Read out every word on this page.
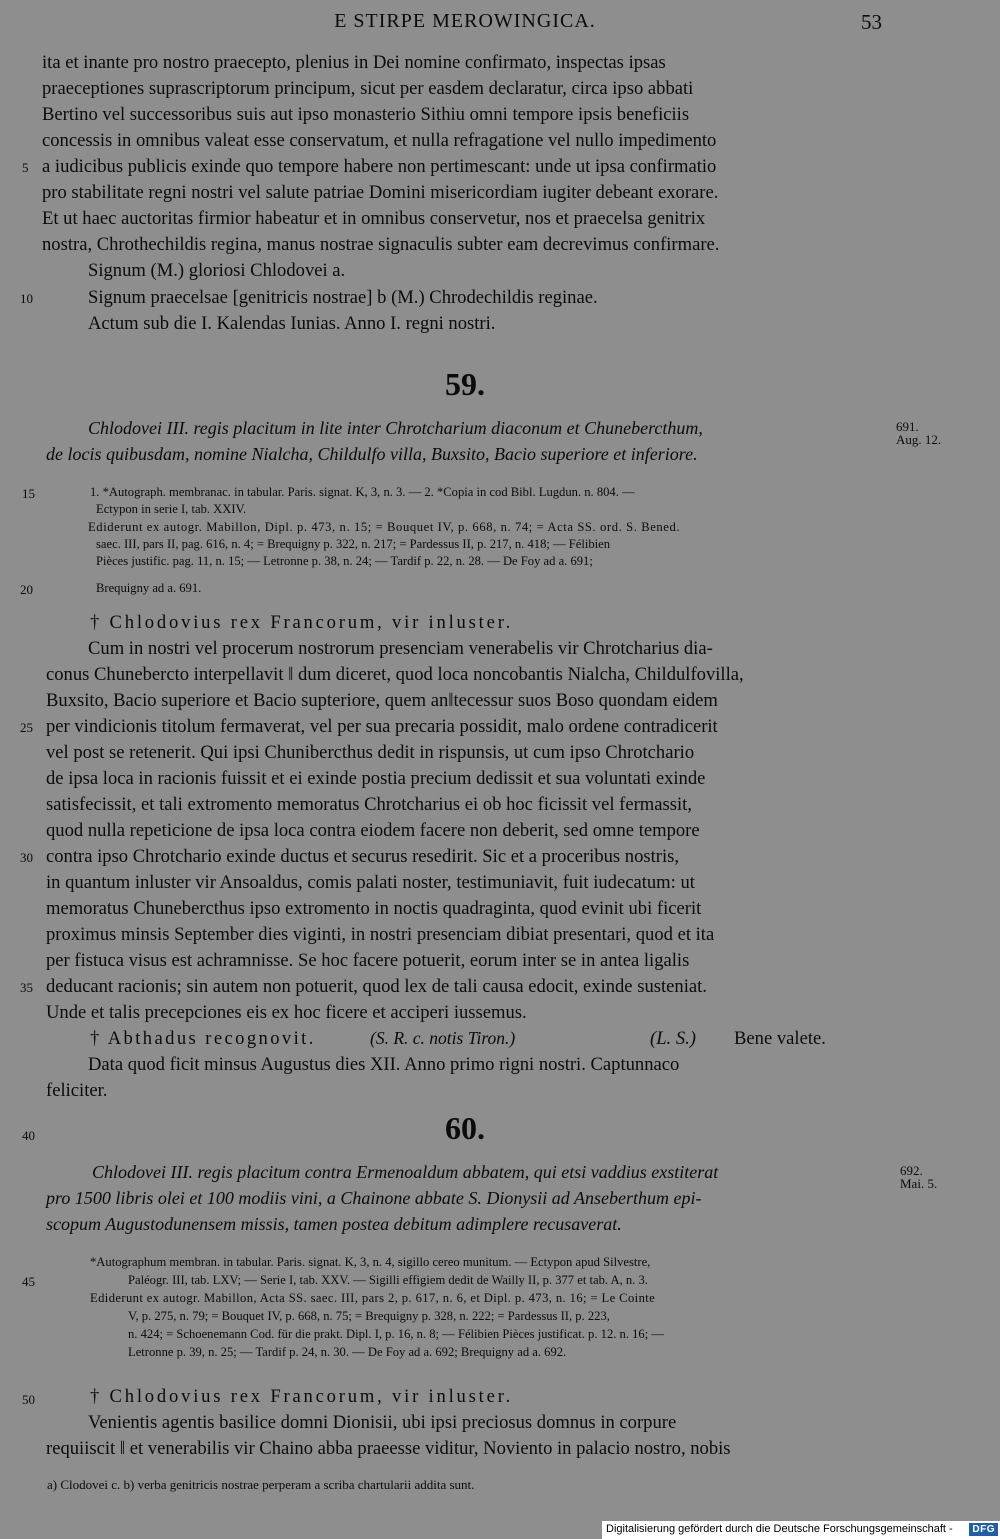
E STIRPE MEROWINGICA.	53
ita et inante pro nostro praecepto, plenius in Dei nomine confirmato, inspectas ipsas
praeceptiones suprascriptorum principum, sicut per easdem declaratur, circa ipso abbati
Bertino vel successoribus suis aut ipso monasterio Sithiu omni tempore ipsis beneficiis
concessis in omnibus valeat esse conservatum, et nulla refragatione vel nullo impedimento
5 a iudicibus publicis exinde quo tempore habere non pertimescant: unde ut ipsa confirmatio
pro stabilitate regni nostri vel salute patriae Domini misericordiam iugiter debeant exorare.
Et ut haec auctoritas firmior habeatur et in omnibus conservetur, nos et praecelsa genitrix
nostra, Chrothechildis regina, manus nostrae signaculis subter eam decrevimus confirmare.
Signum (M.) gloriosi Chlodovei a.
10	Signum praecelsae [genitricis nostrae] b (M.) Chrodechildis reginae.
Actum sub die I. Kalendas Iunias. Anno I. regni nostri.
59.
Chlodovei III. regis placitum in lite inter Chrotcharium diaconum et Chunebercthum,
de locis quibusdam, nomine Nialcha, Childulfo villa, Buxsito, Bacio superiore et inferiore.
691.
Aug. 12.
15	1. *Autograph. membranac. in tabular. Paris. signat. K, 3, n. 3. — 2. *Copia in cod Bibl. Lugdun. n. 804. —
Ectypon in serie I, tab. XXIV.
Ediderunt ex autogr. Mabillon, Dipl. p. 473, n. 15; = Bouquet IV, p. 668, n. 74; = Acta SS. ord. S. Bened.
saec. III, pars II, pag. 616, n. 4; = Brequigny p. 322, n. 217; = Pardessus II, p. 217, n. 418; — Félibien
Pièces justific. pag. 11, n. 15; — Letronne p. 38, n. 24; — Tardif p. 22, n. 28. — De Foy ad a. 691;
20	Brequigny ad a. 691.
† Chlodovius rex Francorum, vir inluster.
Cum in nostri vel procerum nostrorum presenciam venerabelis vir Chrotcharius dia-
conus Chunebercto interpellavit ‖ dum diceret, quod loca noncobantis Nialcha, Childulfovilla,
Buxsito, Bacio superiore et Bacio supteriore, quem an‖tecessur suos Boso quondam eidem
25 per vindicionis titolum fermaverat, vel per sua precaria possidit, malo ordene contradicerit
vel post se retenerit. Qui ipsi Chunibercthus dedit in rispunsis, ut cum ipso Chrotchario
de ipsa loca in racionis fuissit et ei exinde postia precium dedissit et sua voluntati exinde
satisfecissit, et tali extromento memoratus Chrotcharius ei ob hoc ficissit vel fermassit,
quod nulla repeticione de ipsa loca contra eiodem facere non deberit, sed omne tempore
30 contra ipso Chrotchario exinde ductus et securus resedirit. Sic et a proceribus nostris,
in quantum inluster vir Ansoaldus, comis palati noster, testimuniavit, fuit iudecatum: ut
memoratus Chunebercthus ipso extromento in noctis quadraginta, quod evinit ubi ficerit
proximus minsis September dies viginti, in nostri presenciam dibiat presentari, quod et ita
per fistuca visus est achramnisse. Se hoc facere potuerit, eorum inter se in antea ligalis
35 deducant racionis; sin autem non potuerit, quod lex de tali causa edocit, exinde susteniat.
Unde et talis precepciones eis ex hoc ficere et acciperi iussemus.
† Abthadus recognovit.	(S. R. c. notis Tiron.)	(L. S.) Bene valete.
Data quod ficit minsus Augustus dies XII. Anno primo rigni nostri. Captunnaco
feliciter.
40	60.
Chlodovei III. regis placitum contra Ermenoaldum abbatem, qui etsi vaddius exstiterat
pro 1500 libris olei et 100 modiis vini, a Chainone abbate S. Dionysii ad Anseberthum epi-
scopum Augustodunensem missis, tamen postea debitum adimplere recusaverat.
692.
Mai. 5.
*Autographum membran. in tabular. Paris. signat. K, 3, n. 4, sigillo cereo munitum. — Ectypon apud Silvestre,
45	Paléogr. III, tab. LXV; — Serie I, tab. XXV. — Sigilli effigiem dedit de Wailly II, p. 377 et tab. A, n. 3.
Ediderunt ex autogr. Mabillon, Acta SS. saec. III, pars 2, p. 617, n. 6, et Dipl. p. 473, n. 16; = Le Cointe
V, p. 275, n. 79; = Bouquet IV, p. 668, n. 75; = Brequigny p. 328, n. 222; = Pardessus II, p. 223,
n. 424; = Schoenemann Cod. für die prakt. Dipl. I, p. 16, n. 8; — Félibien Pièces justificat. p. 12. n. 16; —
Letronne p. 39, n. 25; — Tardif p. 24, n. 30. — De Foy ad a. 692; Brequigny ad a. 692.
50	† Chlodovius rex Francorum, vir inluster.
Venientis agentis basilice domni Dionisii, ubi ipsi preciosus domnus in corpure
requiiscit ‖ et venerabilis vir Chaino abba praeesse viditur, Noviento in palacio nostro, nobis
a) Clodovei c. b) verba genitricis nostrae perperam a scriba chartularii addita sunt.
Digitalisierung gefördert durch die Deutsche Forschungsgemeinschaft -	DFG
